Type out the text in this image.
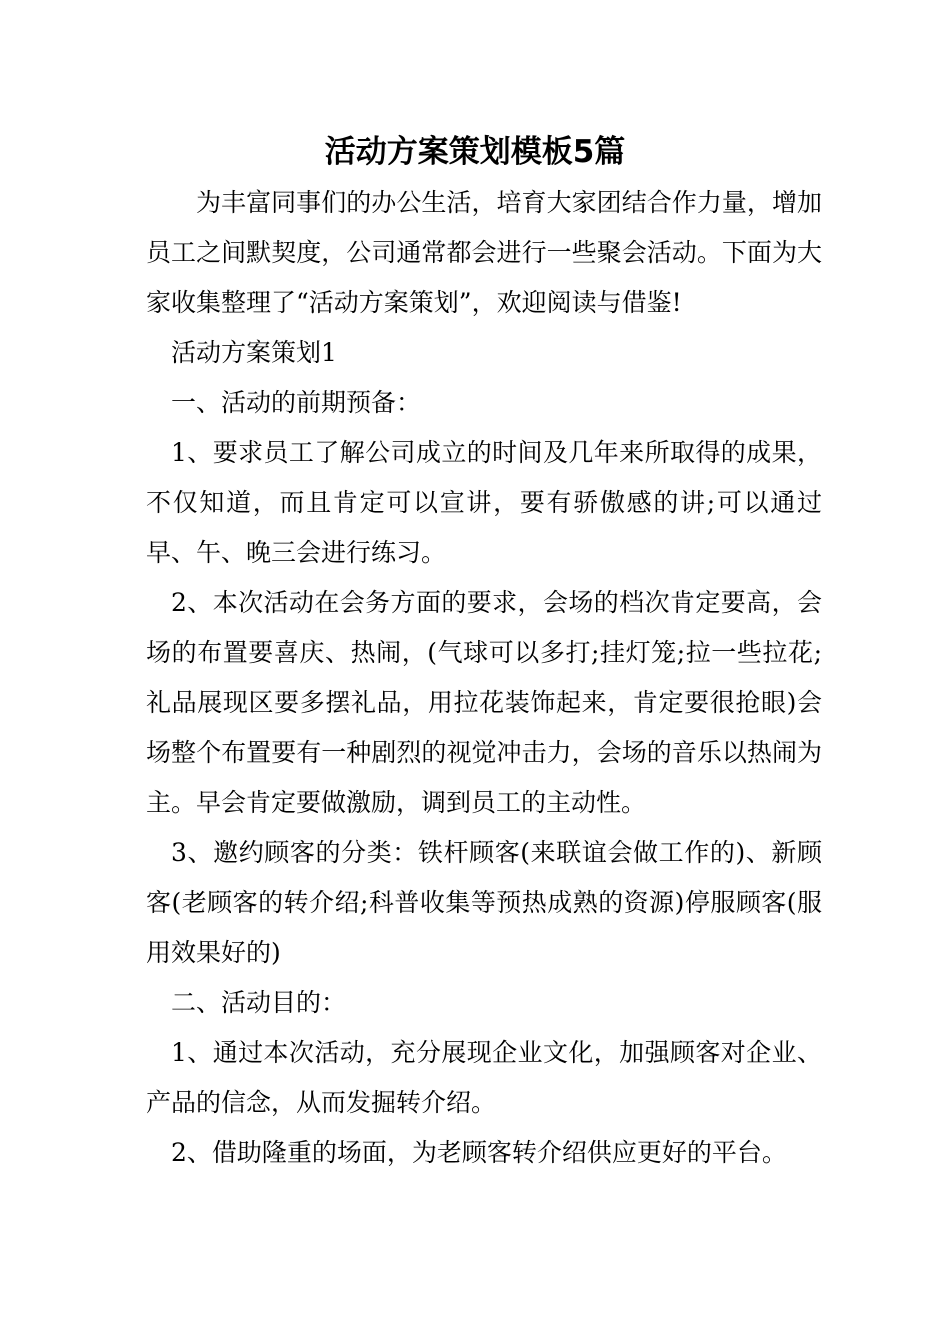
活动方案策划模板5篇

为丰富同事们的办公生活，培育大家团结合作力量，增加员工之间默契度，公司通常都会进行一些聚会活动。下面为大家收集整理了“活动方案策划”，欢迎阅读与借鉴!

活动方案策划1

一、活动的前期预备：

1、要求员工了解公司成立的时间及几年来所取得的成果，不仅知道，而且肯定可以宣讲，要有骄傲感的讲;可以通过早、午、晚三会进行练习。

2、本次活动在会务方面的要求，会场的档次肯定要高，会场的布置要喜庆、热闹，(气球可以多打;挂灯笼;拉一些拉花;礼品展现区要多摆礼品，用拉花装饰起来，肯定要很抢眼)会场整个布置要有一种剧烈的视觉冲击力，会场的音乐以热闹为主。早会肯定要做激励，调到员工的主动性。

3、邀约顾客的分类：铁杆顾客(来联谊会做工作的)、新顾客(老顾客的转介绍;科普收集等预热成熟的资源)停服顾客(服用效果好的)

二、活动目的：

1、通过本次活动，充分展现企业文化，加强顾客对企业、产品的信念，从而发掘转介绍。

2、借助隆重的场面，为老顾客转介绍供应更好的平台。
